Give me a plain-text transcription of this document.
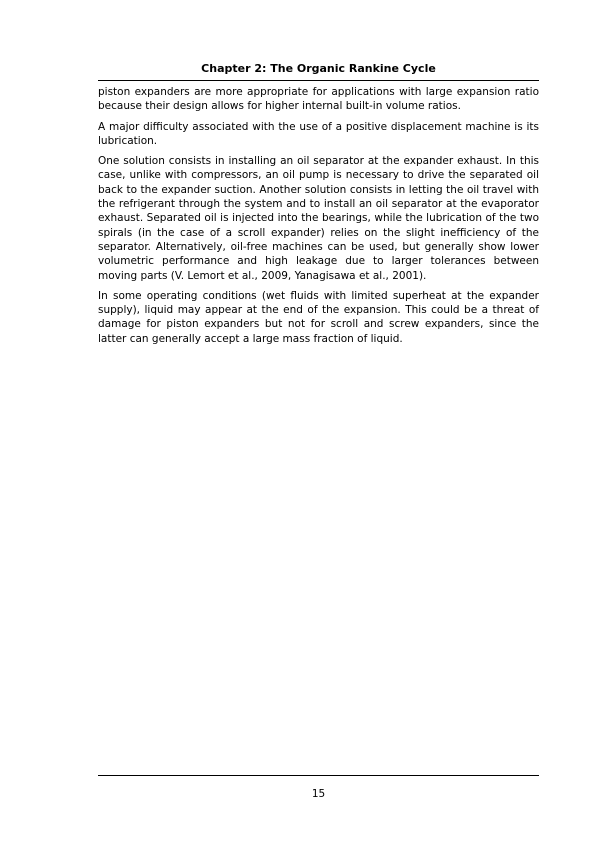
Chapter 2: The Organic Rankine Cycle

piston expanders are more appropriate for applications with large expansion ratio because their design allows for higher internal built-in volume ratios.

A major difficulty associated with the use of a positive displacement machine is its lubrication.

One solution consists in installing an oil separator at the expander exhaust. In this case, unlike with compressors, an oil pump is necessary to drive the separated oil back to the expander suction. Another solution consists in letting the oil travel with the refrigerant through the system and to install an oil separator at the evaporator exhaust. Separated oil is injected into the bearings, while the lubrication of the two spirals (in the case of a scroll expander) relies on the slight inefficiency of the separator. Alternatively, oil-free machines can be used, but generally show lower volumetric performance and high leakage due to larger tolerances between moving parts (V. Lemort et al., 2009, Yanagisawa et al., 2001).

In some operating conditions (wet fluids with limited superheat at the expander supply), liquid may appear at the end of the expansion. This could be a threat of damage for piston expanders but not for scroll and screw expanders, since the latter can generally accept a large mass fraction of liquid.

15
